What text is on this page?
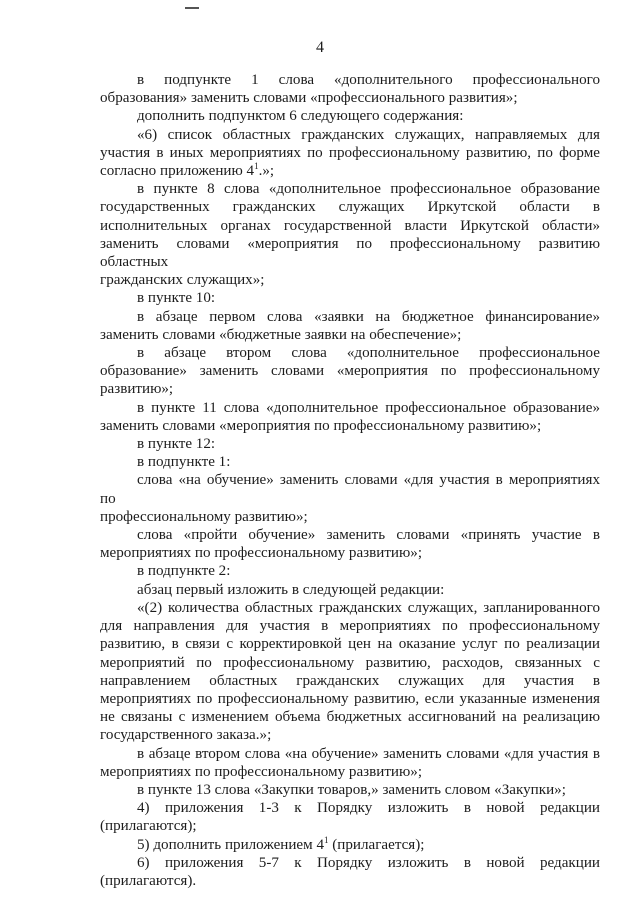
4
в подпункте 1 слова «дополнительного профессионального
образования» заменить словами «профессионального развития»;
дополнить подпунктом 6 следующего содержания:
«6) список областных гражданских служащих, направляемых для
участия в иных мероприятиях по профессиональному развитию, по форме
согласно приложению $4^1$.»;
в пункте 8 слова «дополнительное профессиональное образование
государственных гражданских служащих Иркутской области в
исполнительных органах государственной власти Иркутской области»
заменить словами «мероприятия по профессиональному развитию областных
гражданских служащих»;
в пункте 10:
в абзаце первом слова «заявки на бюджетное финансирование»
заменить словами «бюджетные заявки на обеспечение»;
в абзаце втором слова «дополнительное профессиональное
образование» заменить словами «мероприятия по профессиональному
развитию»;
в пункте 11 слова «дополнительное профессиональное образование»
заменить словами «мероприятия по профессиональному развитию»;
в пункте 12:
в подпункте 1:
слова «на обучение» заменить словами «для участия в мероприятиях по
профессиональному развитию»;
слова «пройти обучение» заменить словами «принять участие в
мероприятиях по профессиональному развитию»;
в подпункте 2:
абзац первый изложить в следующей редакции:
«(2) количества областных гражданских служащих, запланированного
для направления для участия в мероприятиях по профессиональному
развитию, в связи с корректировкой цен на оказание услуг по реализации
мероприятий по профессиональному развитию, расходов, связанных с
направлением областных гражданских служащих для участия в
мероприятиях по профессиональному развитию, если указанные изменения
не связаны с изменением объема бюджетных ассигнований на реализацию
государственного заказа.»;
в абзаце втором слова «на обучение» заменить словами «для участия в
мероприятиях по профессиональному развитию»;
в пункте 13 слова «Закупки товаров,» заменить словом «Закупки»;
4) приложения 1-3 к Порядку изложить в новой редакции
(прилагаются);
5) дополнить приложением $4^1$ (прилагается);
6) приложения 5-7 к Порядку изложить в новой редакции
(прилагаются).
